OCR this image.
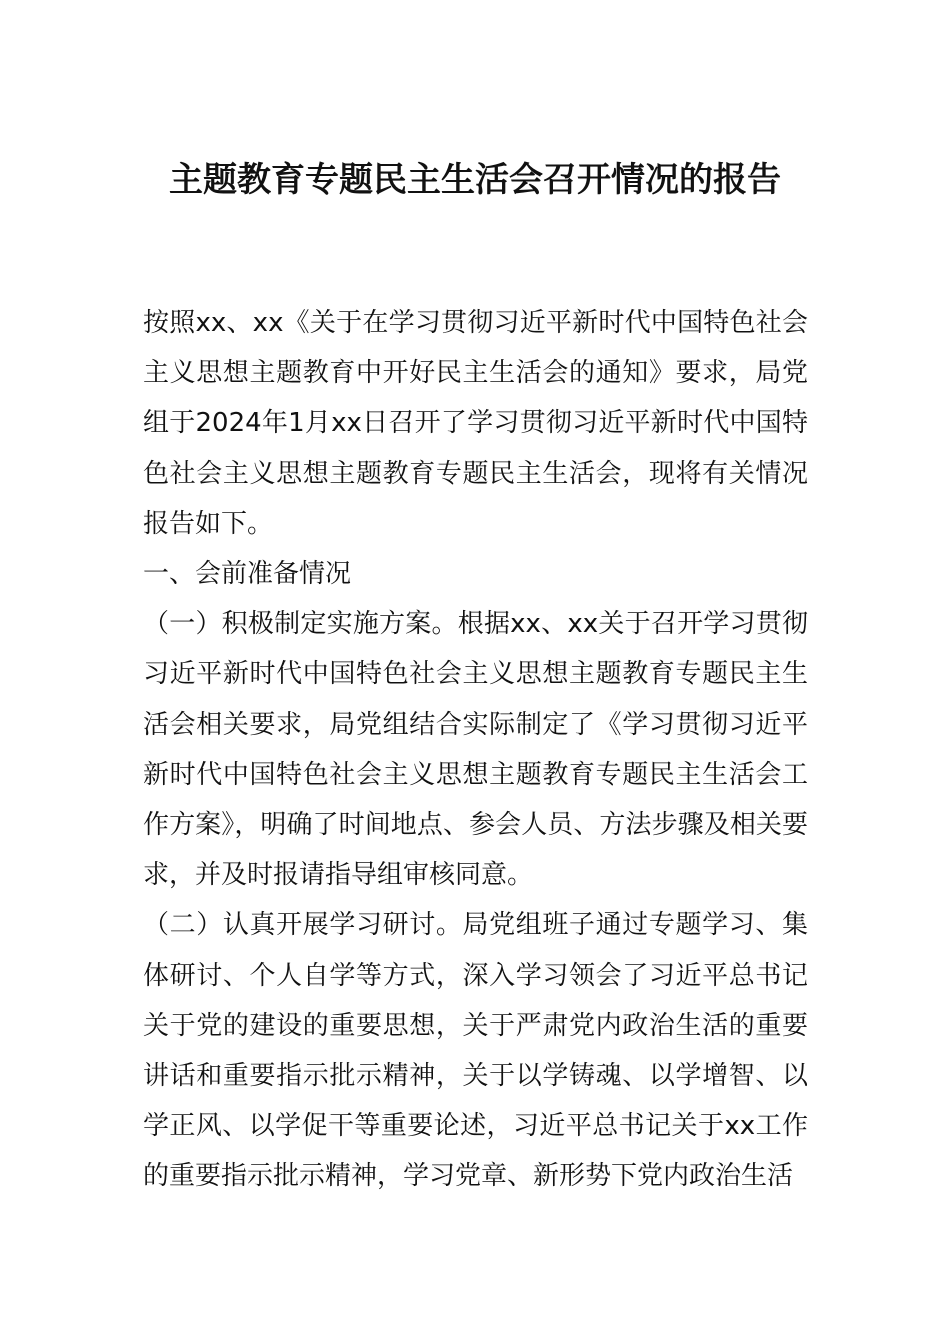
主题教育专题民主生活会召开情况的报告

按照xx、xx《关于在学习贯彻习近平新时代中国特色社会主义思想主题教育中开好民主生活会的通知》要求，局党组于2024年1月xx日召开了学习贯彻习近平新时代中国特色社会主义思想主题教育专题民主生活会，现将有关情况报告如下。

一、会前准备情况

（一）积极制定实施方案。根据xx、xx关于召开学习贯彻习近平新时代中国特色社会主义思想主题教育专题民主生活会相关要求，局党组结合实际制定了《学习贯彻习近平新时代中国特色社会主义思想主题教育专题民主生活会工作方案》，明确了时间地点、参会人员、方法步骤及相关要求，并及时报请指导组审核同意。

（二）认真开展学习研讨。局党组班子通过专题学习、集体研讨、个人自学等方式，深入学习领会了习近平总书记关于党的建设的重要思想，关于严肃党内政治生活的重要讲话和重要指示批示精神，关于以学铸魂、以学增智、以学正风、以学促干等重要论述，习近平总书记关于xx工作的重要指示批示精神，学习党章、新形势下党内政治生活
